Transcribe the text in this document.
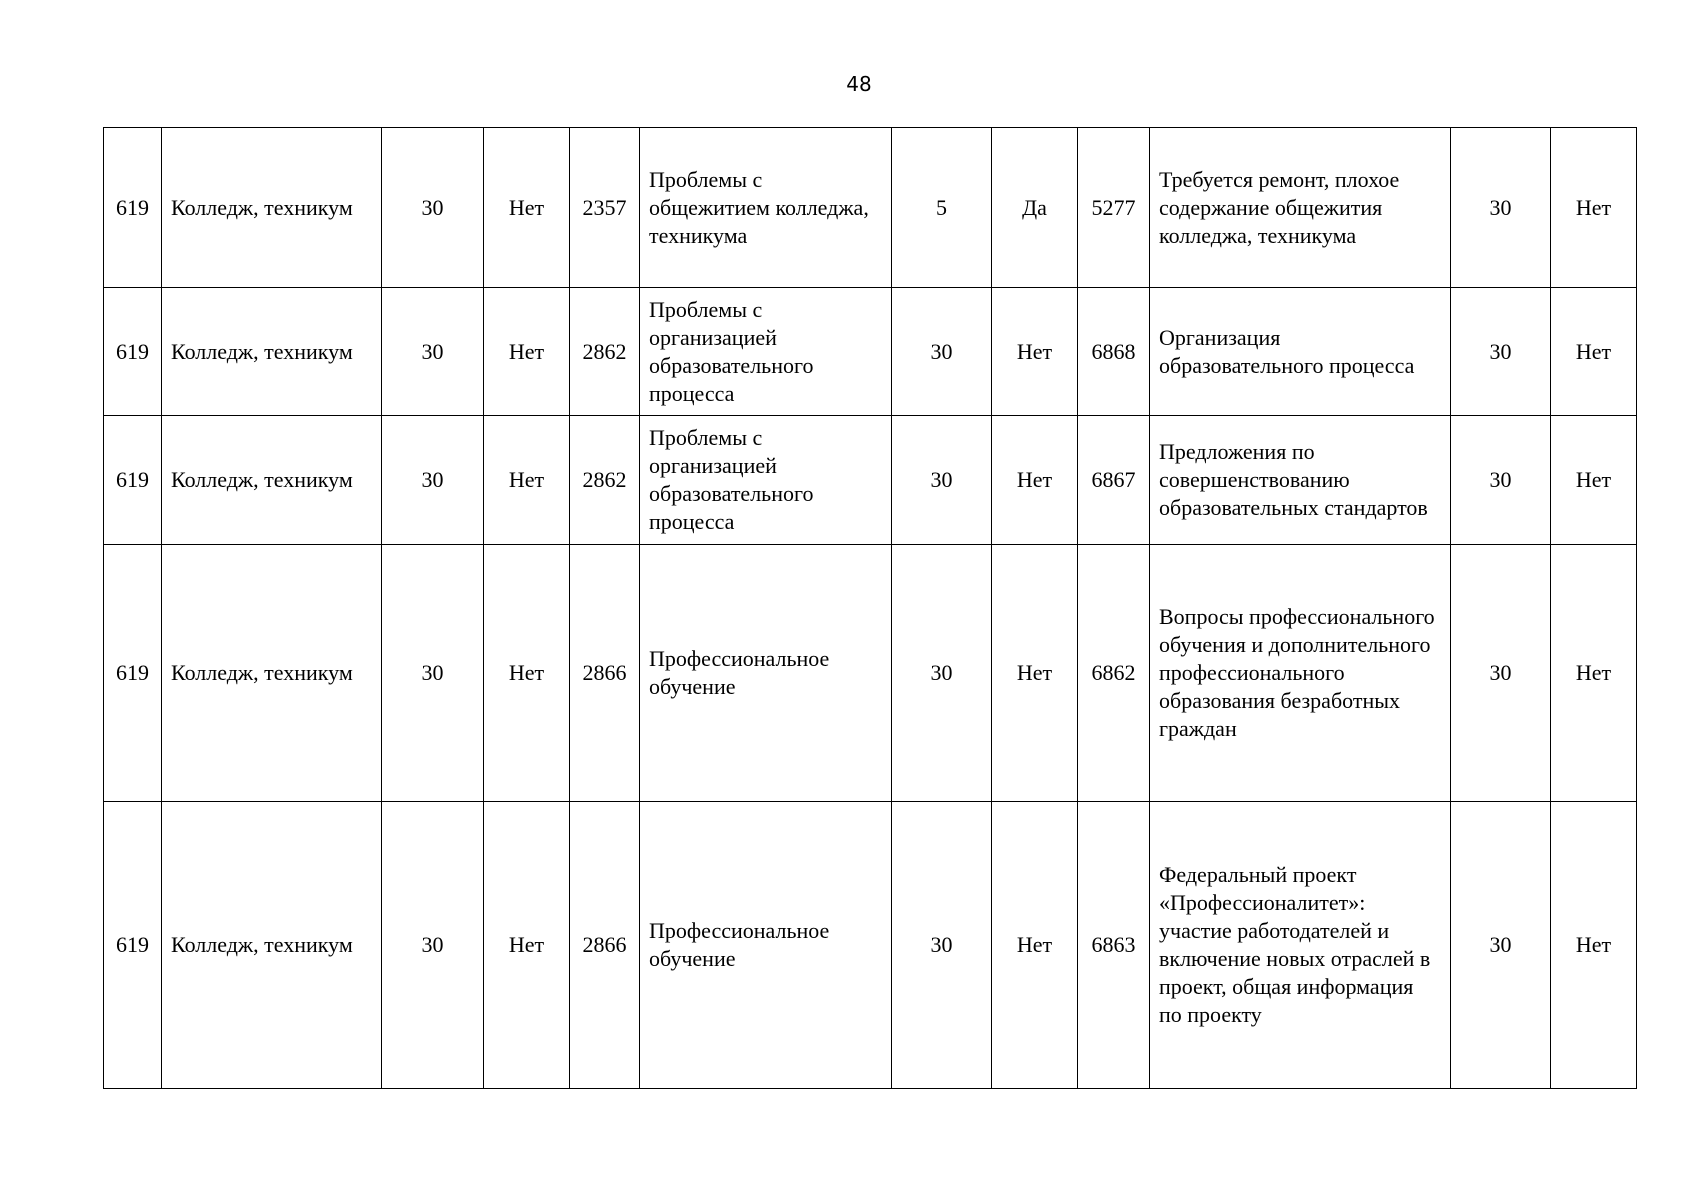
48
619	Колледж, техникум	30	Нет	2357	Проблемы с общежитием колледжа, техникума	5	Да	5277	Требуется ремонт, плохое содержание общежития колледжа, техникума	30	Нет
619	Колледж, техникум	30	Нет	2862	Проблемы с организацией образовательного процесса	30	Нет	6868	Организация образовательного процесса	30	Нет
619	Колледж, техникум	30	Нет	2862	Проблемы с организацией образовательного процесса	30	Нет	6867	Предложения по совершенствованию образовательных стандартов	30	Нет
619	Колледж, техникум	30	Нет	2866	Профессиональное обучение	30	Нет	6862	Вопросы профессионального обучения и дополнительного профессионального образования безработных граждан	30	Нет
619	Колледж, техникум	30	Нет	2866	Профессиональное обучение	30	Нет	6863	Федеральный проект «Профессионалитет»: участие работодателей и включение новых отраслей в проект, общая информация по проекту	30	Нет
